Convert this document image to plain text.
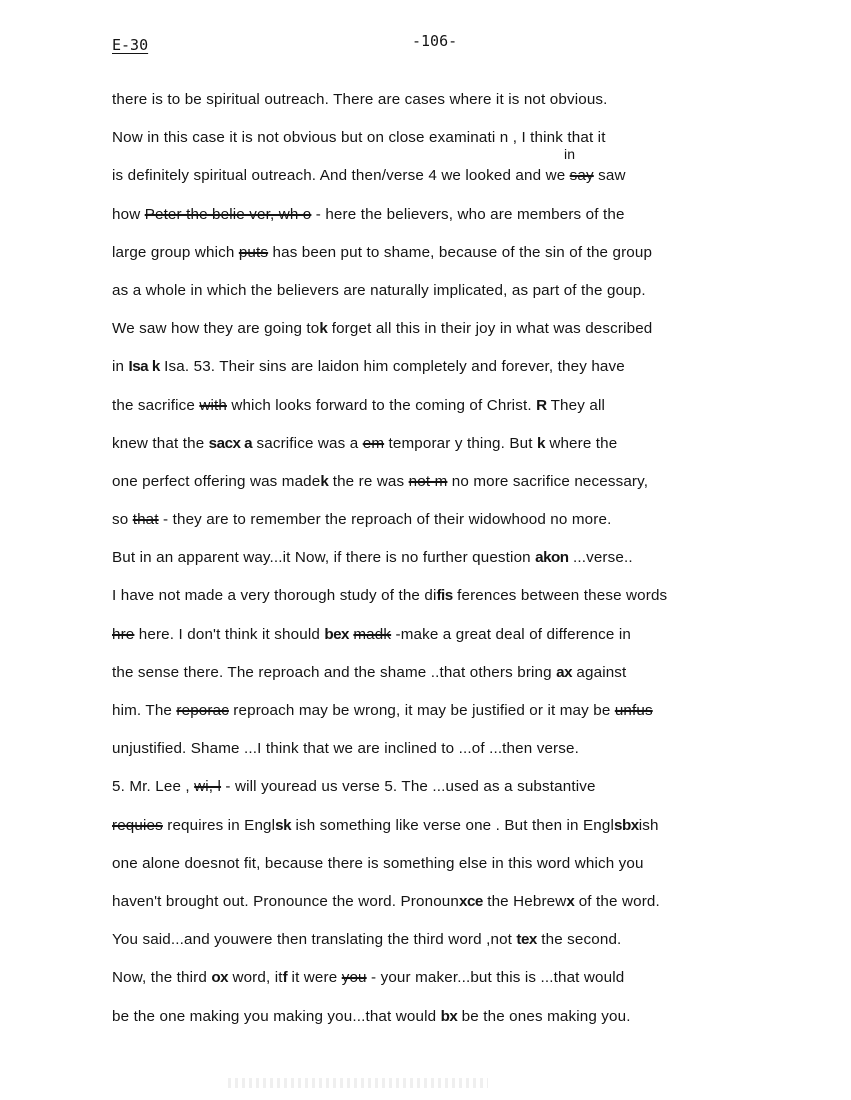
E-30	-106-
there is to be spiritual outreach. There are cases where it is not obvious.
Now in this case it is not obvious but on close examinati n , I think that it
in
is definitely spiritual outreach. And then/verse 4 we looked and we say saw
how Peter the belie ver, wh o - here the believers, who are members of the
large group which puts has been put to shame, because of the sin of the group
as a whole in which the believers are naturally implicated, as part of the goup.
We saw how they are going tok forget all this in their joy in what was described
in Isa k Isa. 53. Their sins are laidon him completely and forever, they have
the sacrifice with which looks forward to the coming of Christ. R They all
knew that the sacx a sacrifice was a em temporar y thing. But k where the
one perfect offering was madek the re was not m no more sacrifice necessary,
so that - they are to remember the reproach of their widowhood no more.
But in an apparent way...it Now, if there is no further question akon ...verse..
I have not made a very thorough study of the difis ferences between these words
hre here. I don't think it should bex madk -make a great deal of difference in
the sense there. The reproach and the shame ..that others bring ax against
him. The reporac reproach may be wrong, it may be justified or it may be unfus
unjustified. Shame ...I think that we are inclined to ...of ...then verse.
5. Mr. Lee , wi, l - will youread us verse 5. The ...used as a substantive
requies requires in Englsk ish something like verse one . But then in Englsbxish
one alone doesnot fit, because there is something else in this word which you
haven't brought out. Pronounce the word. Pronounxce the Hebrewx of the word.
You said...and youwere then translating the third word ,not tex the second.
Now, the third ox word, itf it were you - your maker...but this is ...that would
be the one making you making you...that would bx be the ones making you.
